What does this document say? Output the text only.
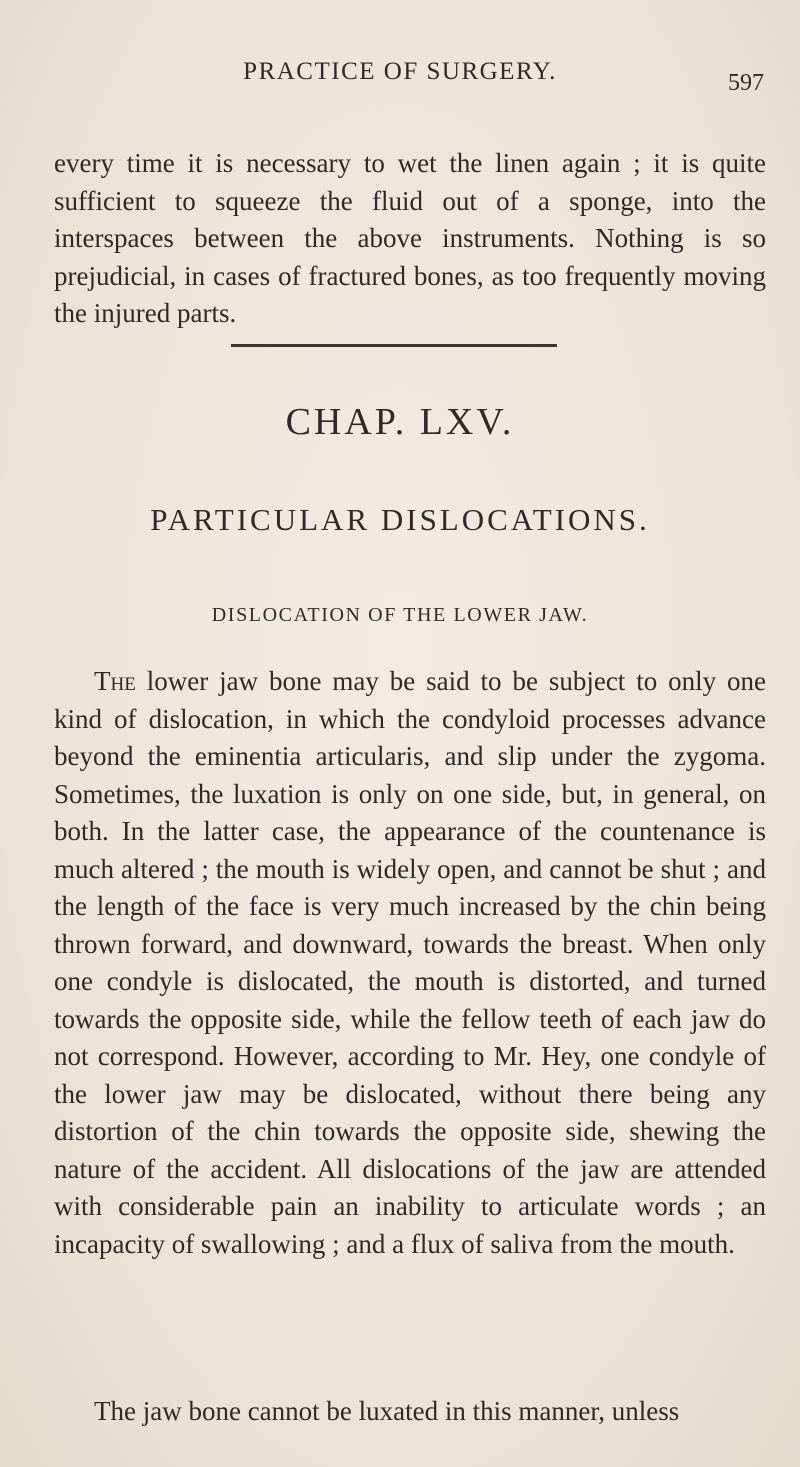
PRACTICE OF SURGERY.	597

every time it is necessary to wet the linen again ; it is quite sufficient to squeeze the fluid out of a sponge, into the interspaces between the above instruments. Nothing is so prejudicial, in cases of fractured bones, as too frequently moving the injured parts.

CHAP. LXV.
PARTICULAR DISLOCATIONS.
DISLOCATION OF THE LOWER JAW.

The lower jaw bone may be said to be subject to only one kind of dislocation, in which the condyloid processes advance beyond the eminentia articularis, and slip under the zygoma. Sometimes, the luxation is only on one side, but, in general, on both. In the latter case, the appearance of the countenance is much altered ; the mouth is widely open, and cannot be shut ; and the length of the face is very much increased by the chin being thrown forward, and downward, towards the breast. When only one condyle is dislocated, the mouth is distorted, and turned towards the opposite side, while the fellow teeth of each jaw do not correspond. However, according to Mr. Hey, one condyle of the lower jaw may be dislocated, without there being any distortion of the chin towards the opposite side, shewing the nature of the accident. All dislocations of the jaw are attended with considerable pain an inability to articulate words ; an incapacity of swallowing ; and a flux of saliva from the mouth.

The jaw bone cannot be luxated in this manner, unless
